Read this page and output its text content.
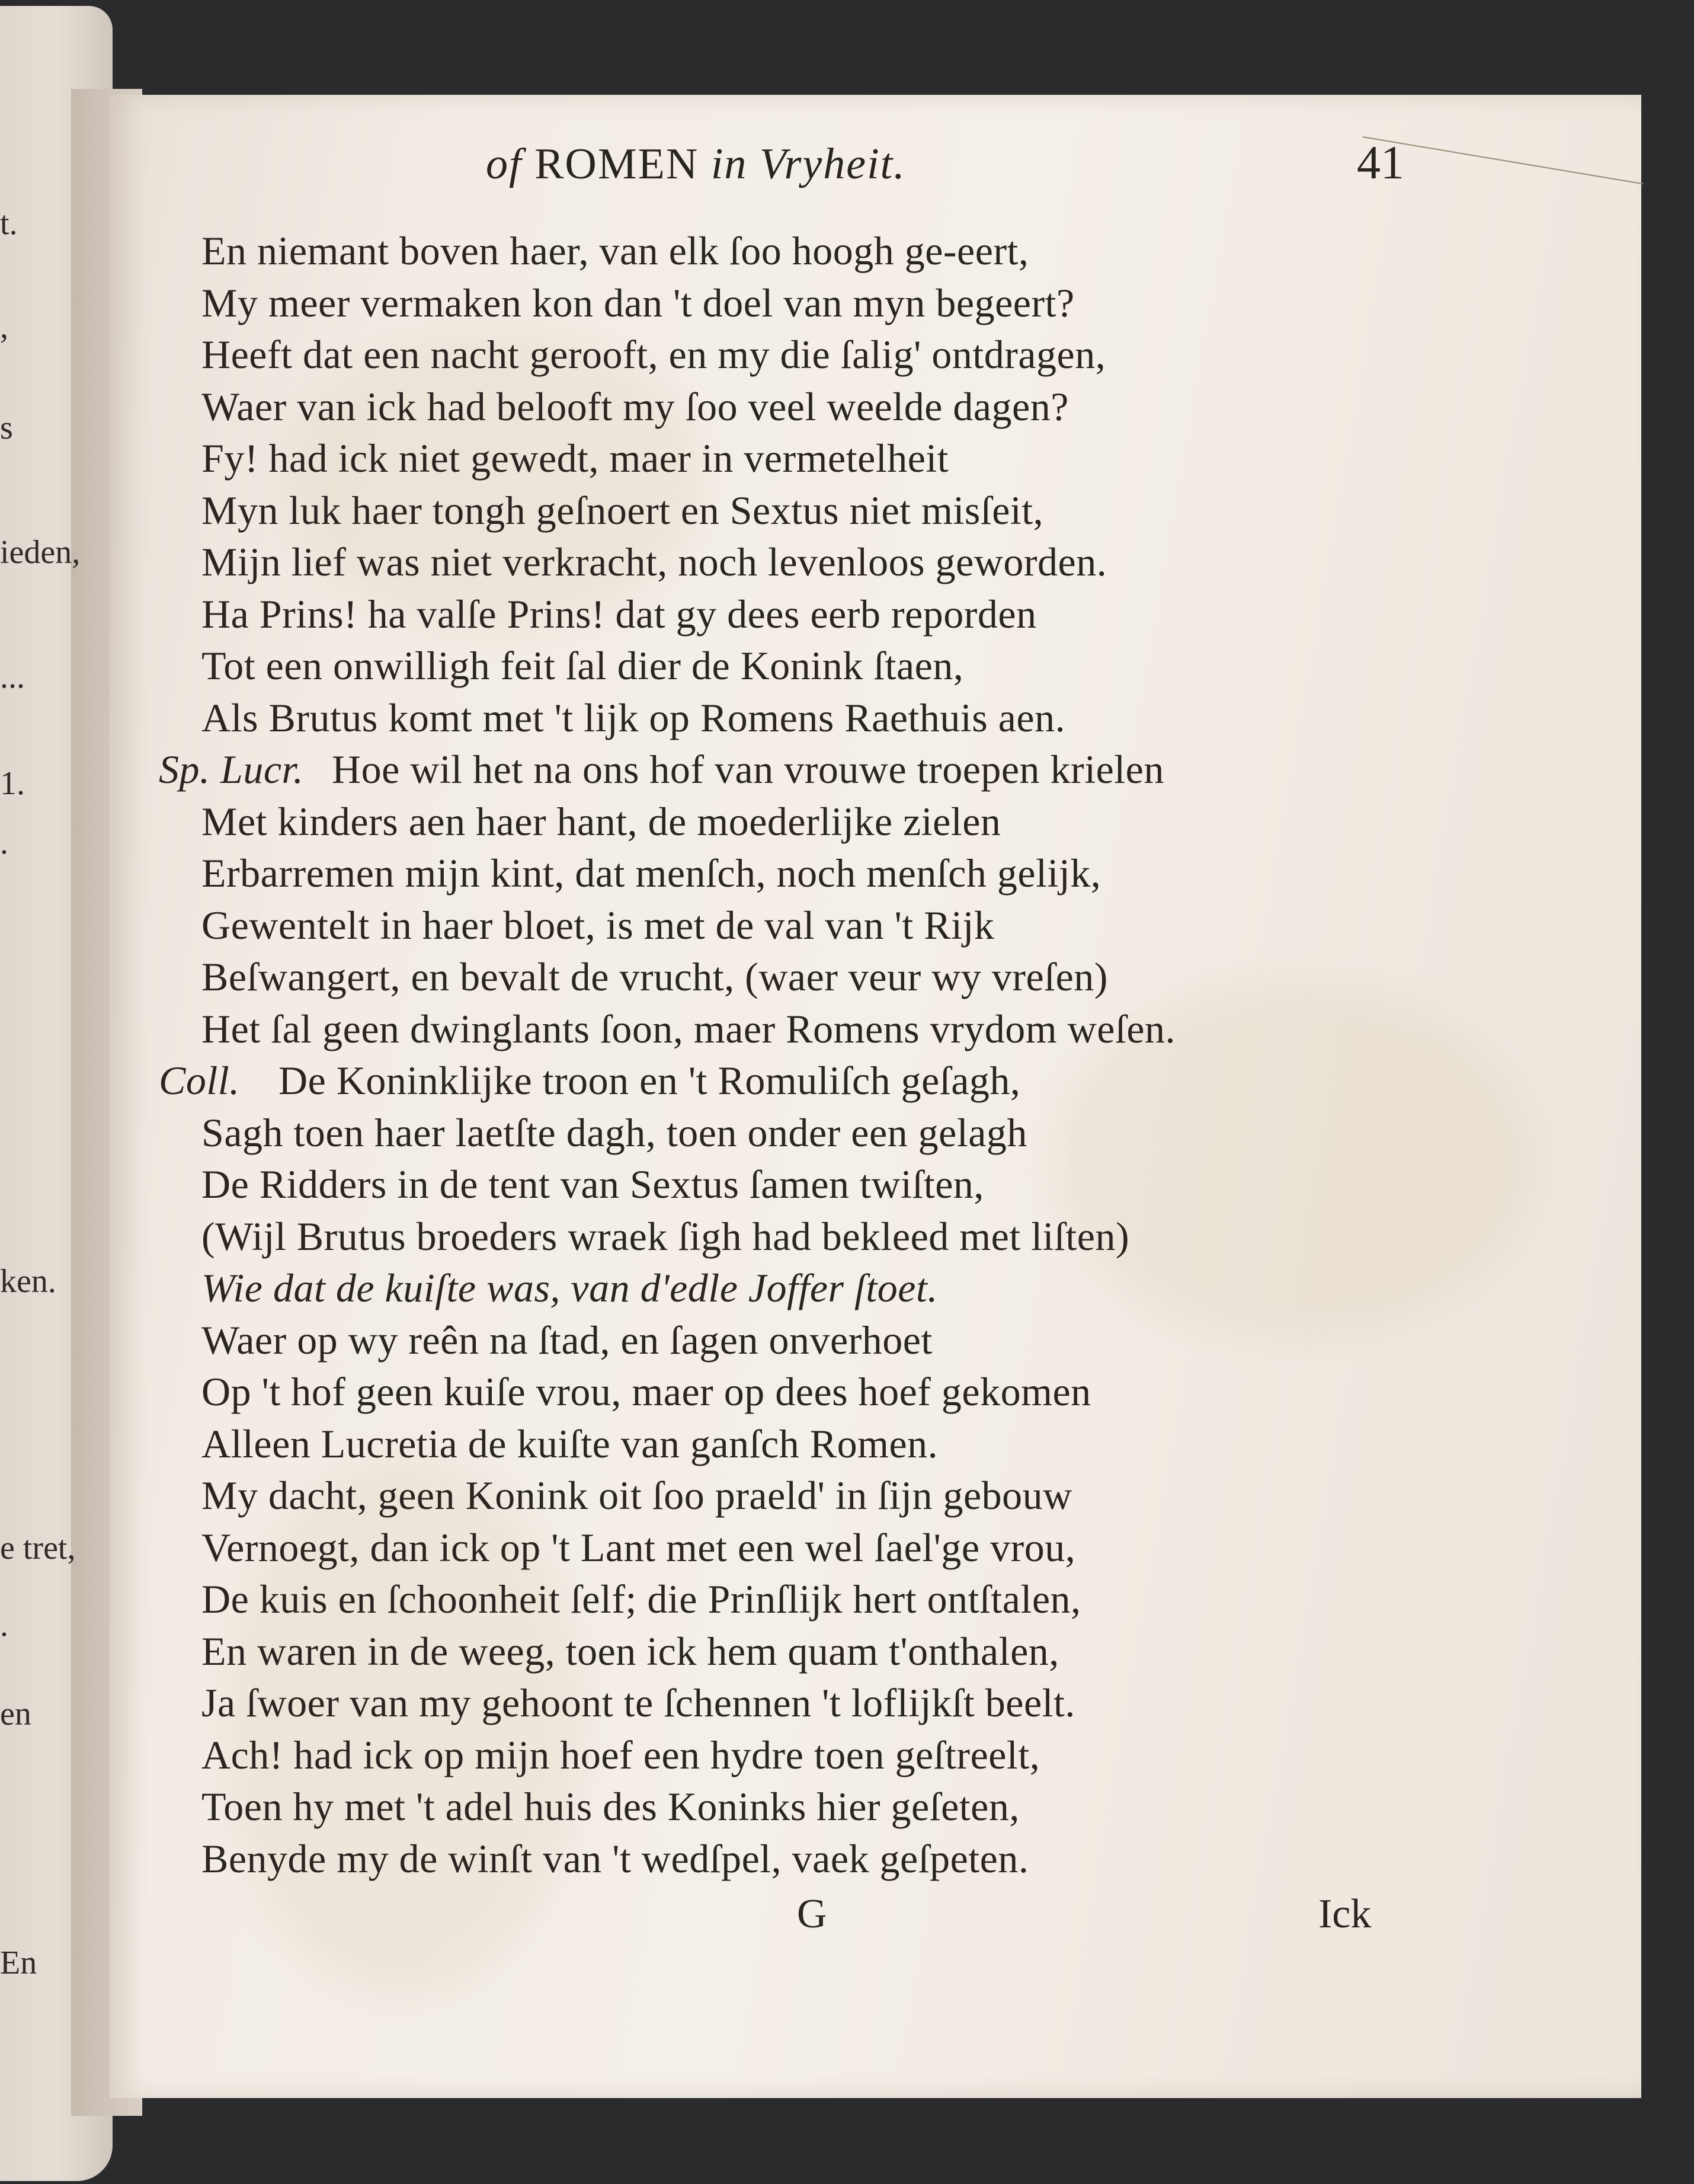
t.
,
s
ieden,
...
1.
.
ken.
e tret,
.
en
En
of ROMEN in Vryheit.	41
En niemant boven haer, van elk ſoo hoogh ge-eert,
My meer vermaken kon dan 't doel van myn begeert?
Heeft dat een nacht gerooft, en my die ſalig' ontdragen,
Waer van ick had belooft my ſoo veel weelde dagen?
Fy! had ick niet gewedt, maer in vermetelheit
Myn luk haer tongh geſnoert en Sextus niet misſeit,
Mijn lief was niet verkracht, noch levenloos geworden.
Ha Prins! ha valſe Prins! dat gy dees eerb reporden
Tot een onwilligh feit ſal dier de Konink ſtaen,
Als Brutus komt met 't lijk op Romens Raethuis aen.
Sp. Lucr. Hoe wil het na ons hof van vrouwe troepen krielen
Met kinders aen haer hant, de moederlijke zielen
Erbarremen mijn kint, dat menſch, noch menſch gelijk,
Gewentelt in haer bloet, is met de val van 't Rijk
Beſwangert, en bevalt de vrucht, (waer veur wy vreſen)
Het ſal geen dwinglants ſoon, maer Romens vrydom weſen.
Coll. De Koninklijke troon en 't Romuliſch geſagh,
Sagh toen haer laetſte dagh, toen onder een gelagh
De Ridders in de tent van Sextus ſamen twiſten,
(Wijl Brutus broeders wraek ſigh had bekleed met liſten)
Wie dat de kuiſte was, van d'edle Joffer ſtoet.
Waer op wy reên na ſtad, en ſagen onverhoet
Op 't hof geen kuiſe vrou, maer op dees hoef gekomen
Alleen Lucretia de kuiſte van ganſch Romen.
My dacht, geen Konink oit ſoo praeld' in ſijn gebouw
Vernoegt, dan ick op 't Lant met een wel ſael'ge vrou,
De kuis en ſchoonheit ſelf; die Prinſlijk hert ontſtalen,
En waren in de weeg, toen ick hem quam t'onthalen,
Ja ſwoer van my gehoont te ſchennen 't loflijkſt beelt.
Ach! had ick op mijn hoef een hydre toen geſtreelt,
Toen hy met 't adel huis des Koninks hier geſeten,
Benyde my de winſt van 't wedſpel, vaek geſpeten.
G	Ick
